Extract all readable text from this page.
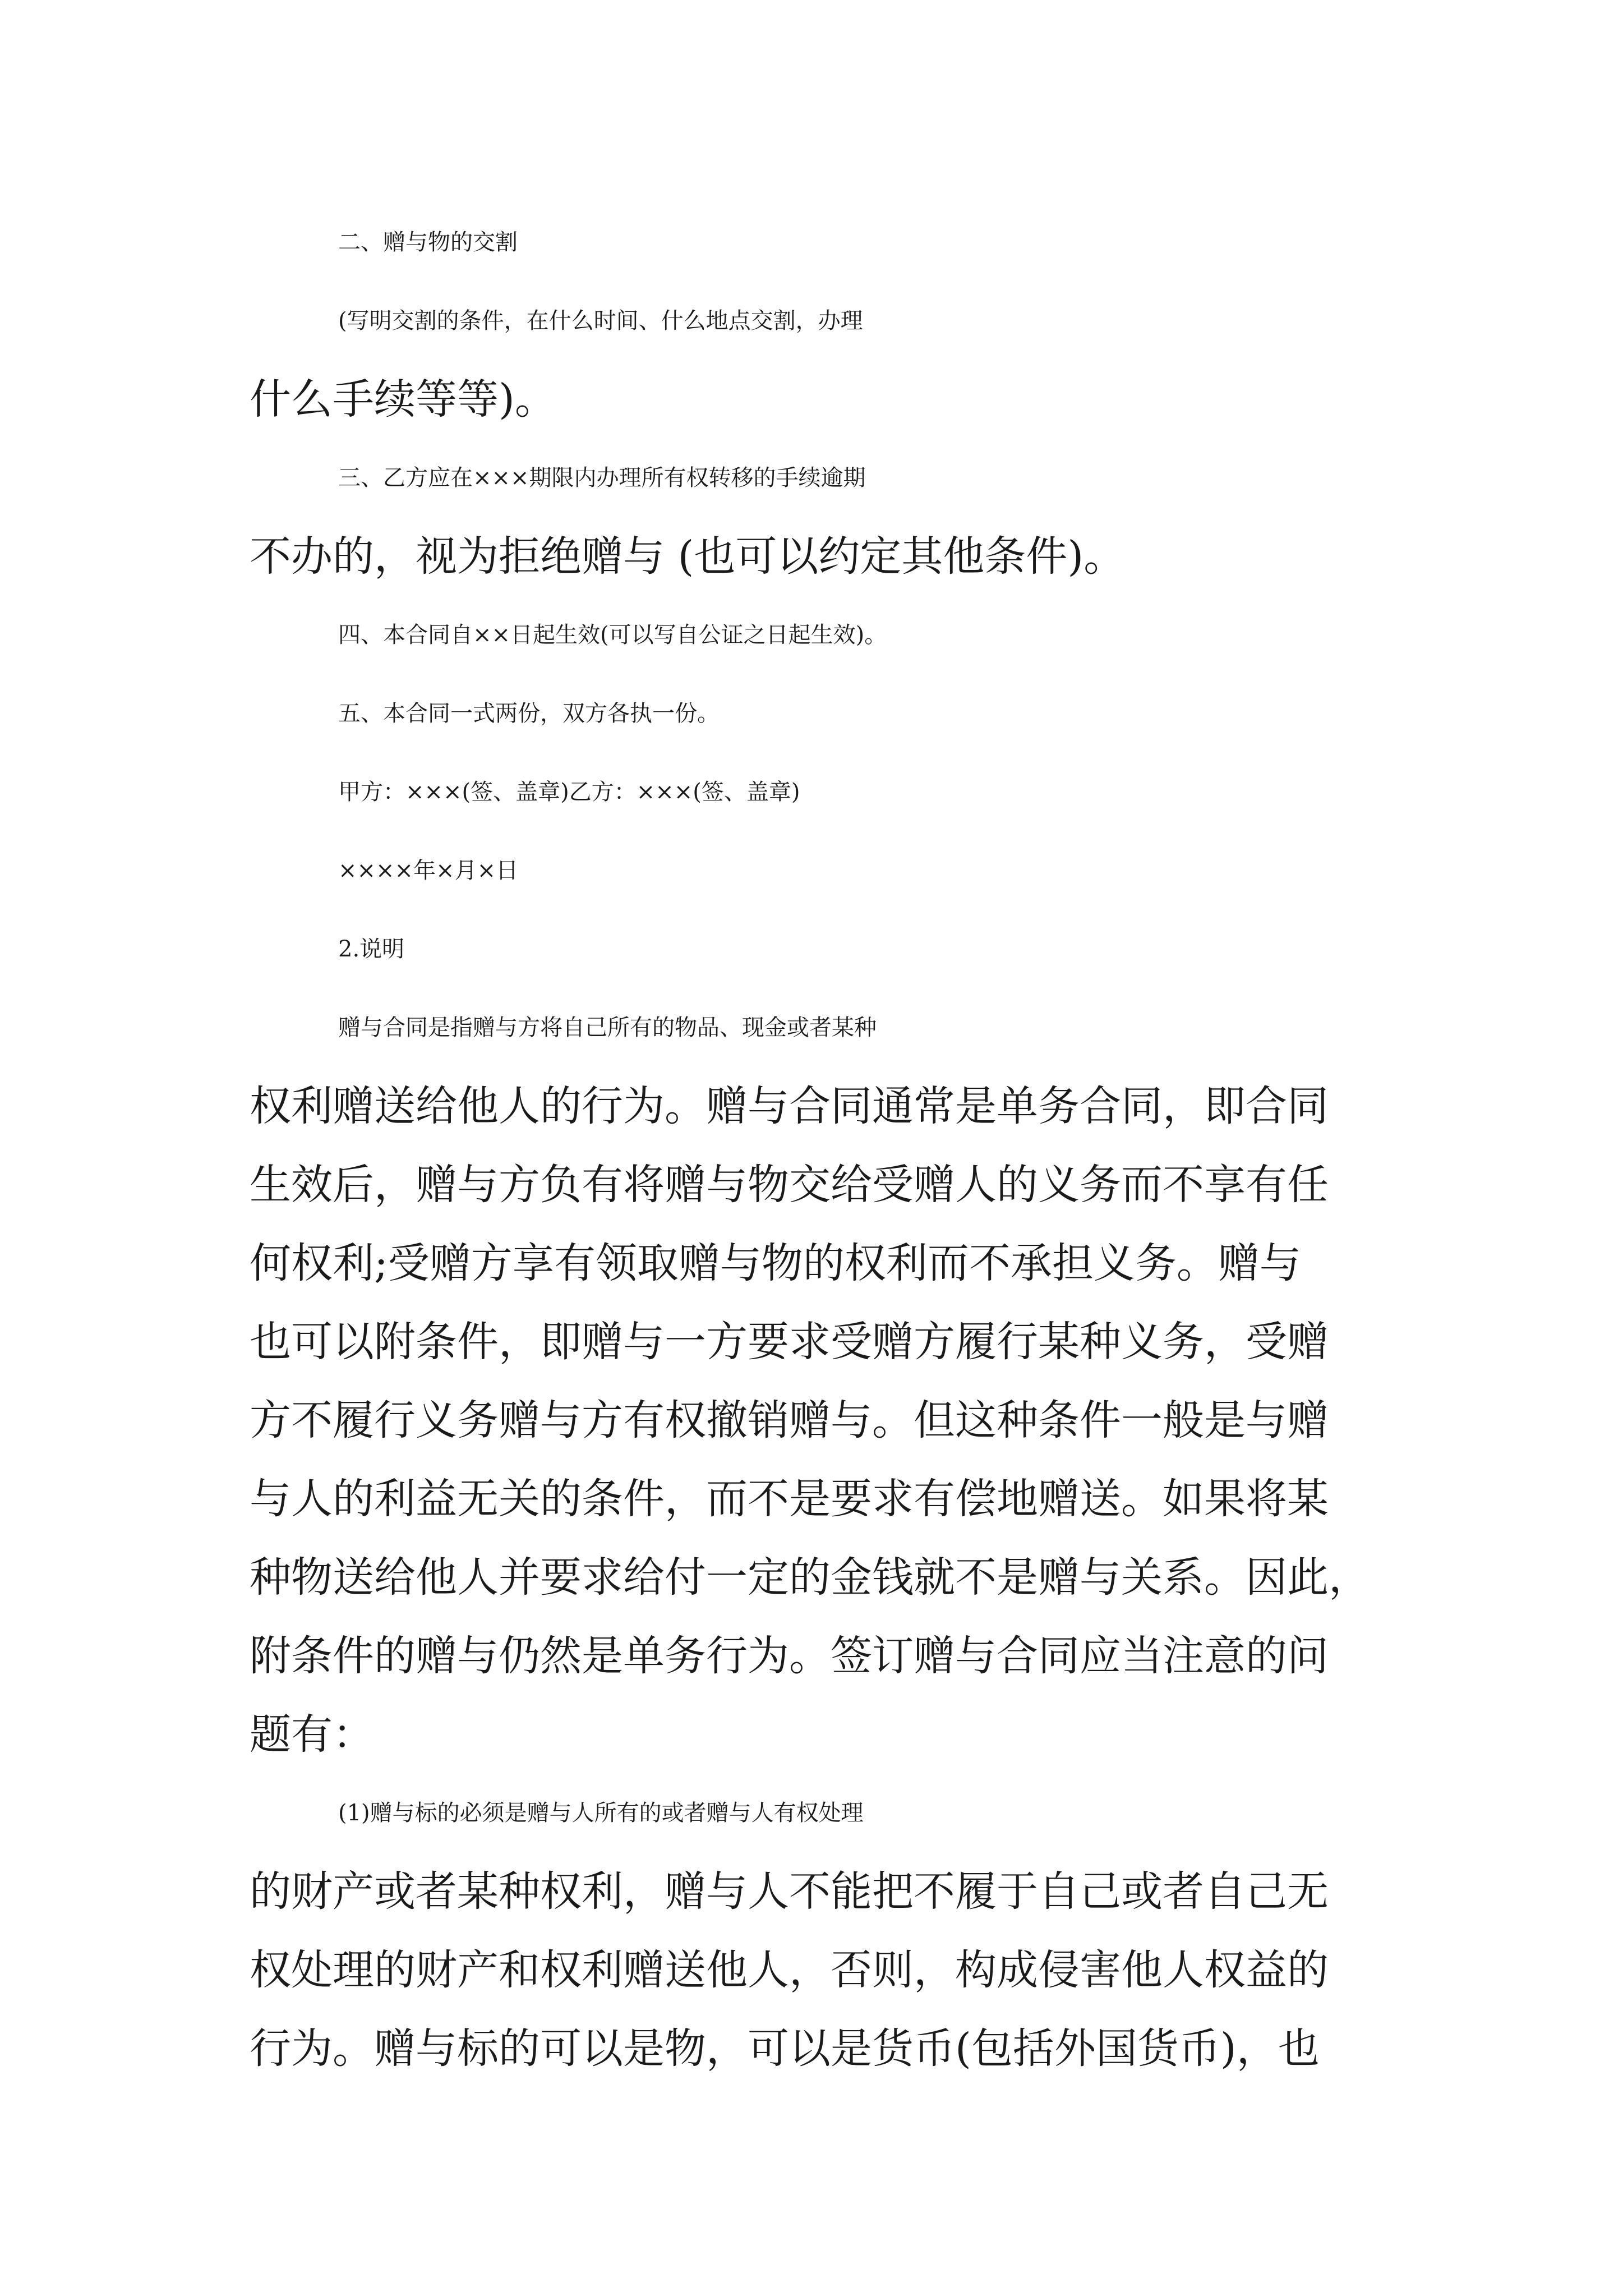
二、赠与物的交割
(写明交割的条件，在什么时间、什么地点交割，办理
什么手续等等)。
三、乙方应在×××期限内办理所有权转移的手续逾期
不办的，视为拒绝赠与 (也可以约定其他条件)。
四、本合同自××日起生效(可以写自公证之日起生效)。
五、本合同一式两份，双方各执一份。
甲方：×××(签、盖章)乙方：×××(签、盖章)
××××年×月×日
2.说明
赠与合同是指赠与方将自己所有的物品、现金或者某种
权利赠送给他人的行为。赠与合同通常是单务合同，即合同
生效后，赠与方负有将赠与物交给受赠人的义务而不享有任
何权利;受赠方享有领取赠与物的权利而不承担义务。赠与
也可以附条件，即赠与一方要求受赠方履行某种义务，受赠
方不履行义务赠与方有权撤销赠与。但这种条件一般是与赠
与人的利益无关的条件，而不是要求有偿地赠送。如果将某
种物送给他人并要求给付一定的金钱就不是赠与关系。因此，
附条件的赠与仍然是单务行为。签订赠与合同应当注意的问
题有：
(1)赠与标的必须是赠与人所有的或者赠与人有权处理
的财产或者某种权利，赠与人不能把不履于自己或者自己无
权处理的财产和权利赠送他人，否则，构成侵害他人权益的
行为。赠与标的可以是物，可以是货币(包括外国货币)，也
